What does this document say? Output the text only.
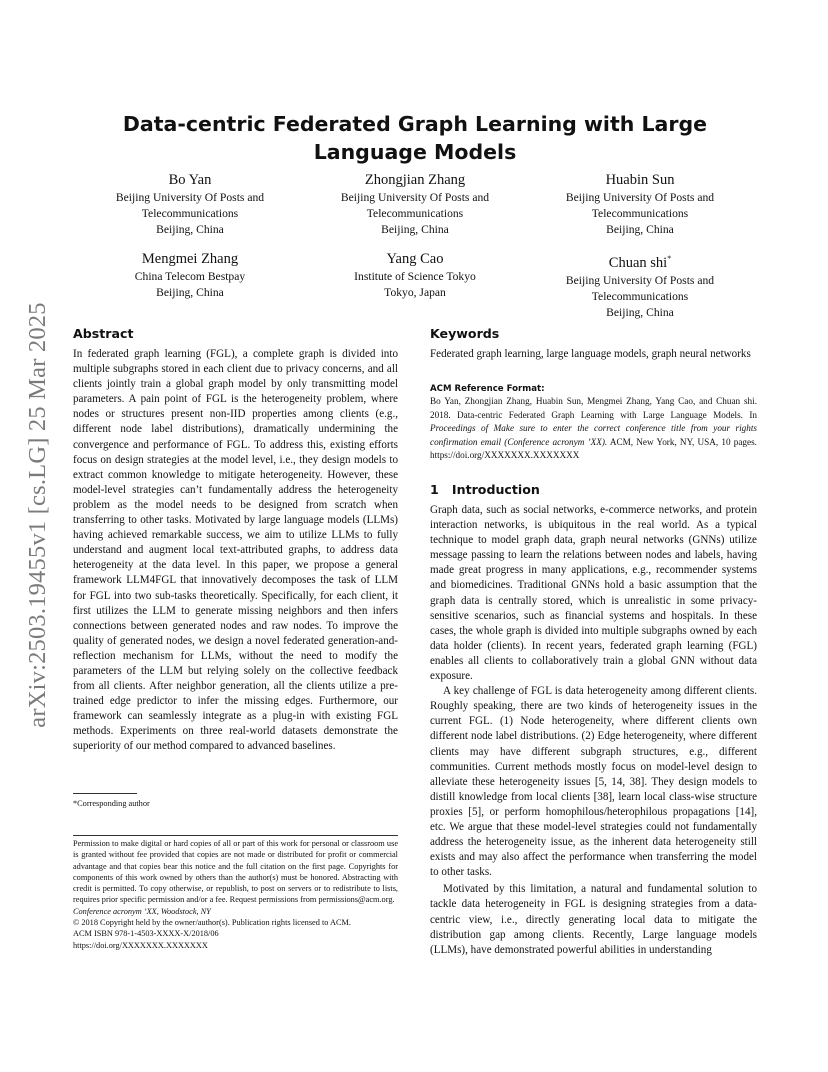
arXiv:2503.19455v1 [cs.LG] 25 Mar 2025
Data-centric Federated Graph Learning with Large Language Models
Bo Yan
Beijing University Of Posts and
Telecommunications
Beijing, China
Zhongjian Zhang
Beijing University Of Posts and
Telecommunications
Beijing, China
Huabin Sun
Beijing University Of Posts and
Telecommunications
Beijing, China
Mengmei Zhang
China Telecom Bestpay
Beijing, China
Yang Cao
Institute of Science Tokyo
Tokyo, Japan
Chuan shi*
Beijing University Of Posts and
Telecommunications
Beijing, China
Abstract

In federated graph learning (FGL), a complete graph is divided into multiple subgraphs stored in each client due to privacy concerns, and all clients jointly train a global graph model by only transmitting model parameters. A pain point of FGL is the heterogeneity problem, where nodes or structures present non-IID properties among clients (e.g., different node label distributions), dramatically undermining the convergence and performance of FGL. To address this, existing efforts focus on design strategies at the model level, i.e., they design models to extract common knowledge to mitigate heterogeneity. However, these model-level strategies can’t fundamentally address the heterogeneity problem as the model needs to be designed from scratch when transferring to other tasks. Motivated by large language models (LLMs) having achieved remarkable success, we aim to utilize LLMs to fully understand and augment local text-attributed graphs, to address data heterogeneity at the data level. In this paper, we propose a general framework LLM4FGL that innovatively decomposes the task of LLM for FGL into two sub-tasks theoretically. Specifically, for each client, it first utilizes the LLM to generate missing neighbors and then infers connections between generated nodes and raw nodes. To improve the quality of generated nodes, we design a novel federated generation-and-reflection mechanism for LLMs, without the need to modify the parameters of the LLM but relying solely on the collective feedback from all clients. After neighbor generation, all the clients utilize a pre-trained edge predictor to infer the missing edges. Furthermore, our framework can seamlessly integrate as a plug-in with existing FGL methods. Experiments on three real-world datasets demonstrate the superiority of our method compared to advanced baselines.

*Corresponding author

Permission to make digital or hard copies of all or part of this work for personal or classroom use is granted without fee provided that copies are not made or distributed for profit or commercial advantage and that copies bear this notice and the full citation on the first page. Copyrights for components of this work owned by others than the author(s) must be honored. Abstracting with credit is permitted. To copy otherwise, or republish, to post on servers or to redistribute to lists, requires prior specific permission and/or a fee. Request permissions from permissions@acm.org.

Conference acronym ’XX, Woodstock, NY

© 2018 Copyright held by the owner/author(s). Publication rights licensed to ACM.

ACM ISBN 978-1-4503-XXXX-X/2018/06

https://doi.org/XXXXXXX.XXXXXXX

Keywords

Federated graph learning, large language models, graph neural networks

ACM Reference Format:

Bo Yan, Zhongjian Zhang, Huabin Sun, Mengmei Zhang, Yang Cao, and Chuan shi. 2018. Data-centric Federated Graph Learning with Large Language Models. In Proceedings of Make sure to enter the correct conference title from your rights confirmation email (Conference acronym ’XX). ACM, New York, NY, USA, 10 pages. https://doi.org/XXXXXXX.XXXXXXX

1   Introduction

Graph data, such as social networks, e-commerce networks, and protein interaction networks, is ubiquitous in the real world. As a typical technique to model graph data, graph neural networks (GNNs) utilize message passing to learn the relations between nodes and labels, having made great progress in many applications, e.g., recommender systems and biomedicines. Traditional GNNs hold a basic assumption that the graph data is centrally stored, which is unrealistic in some privacy-sensitive scenarios, such as financial systems and hospitals. In these cases, the whole graph is divided into multiple subgraphs owned by each data holder (clients). In recent years, federated graph learning (FGL) enables all clients to collaboratively train a global GNN without data exposure.

A key challenge of FGL is data heterogeneity among different clients. Roughly speaking, there are two kinds of heterogeneity issues in the current FGL. (1) Node heterogeneity, where different clients own different node label distributions. (2) Edge heterogeneity, where different clients may have different subgraph structures, e.g., different communities. Current methods mostly focus on model-level design to alleviate these heterogeneity issues [5, 14, 38]. They design models to distill knowledge from local clients [38], learn local class-wise structure proxies [5], or perform homophilous/heterophilous propagations [14], etc. We argue that these model-level strategies could not fundamentally address the heterogeneity issue, as the inherent data heterogeneity still exists and may also affect the performance when transferring the model to other tasks.

Motivated by this limitation, a natural and fundamental solution to tackle data heterogeneity in FGL is designing strategies from a data-centric view, i.e., directly generating local data to mitigate the distribution gap among clients. Recently, Large language models (LLMs), have demonstrated powerful abilities in understanding
